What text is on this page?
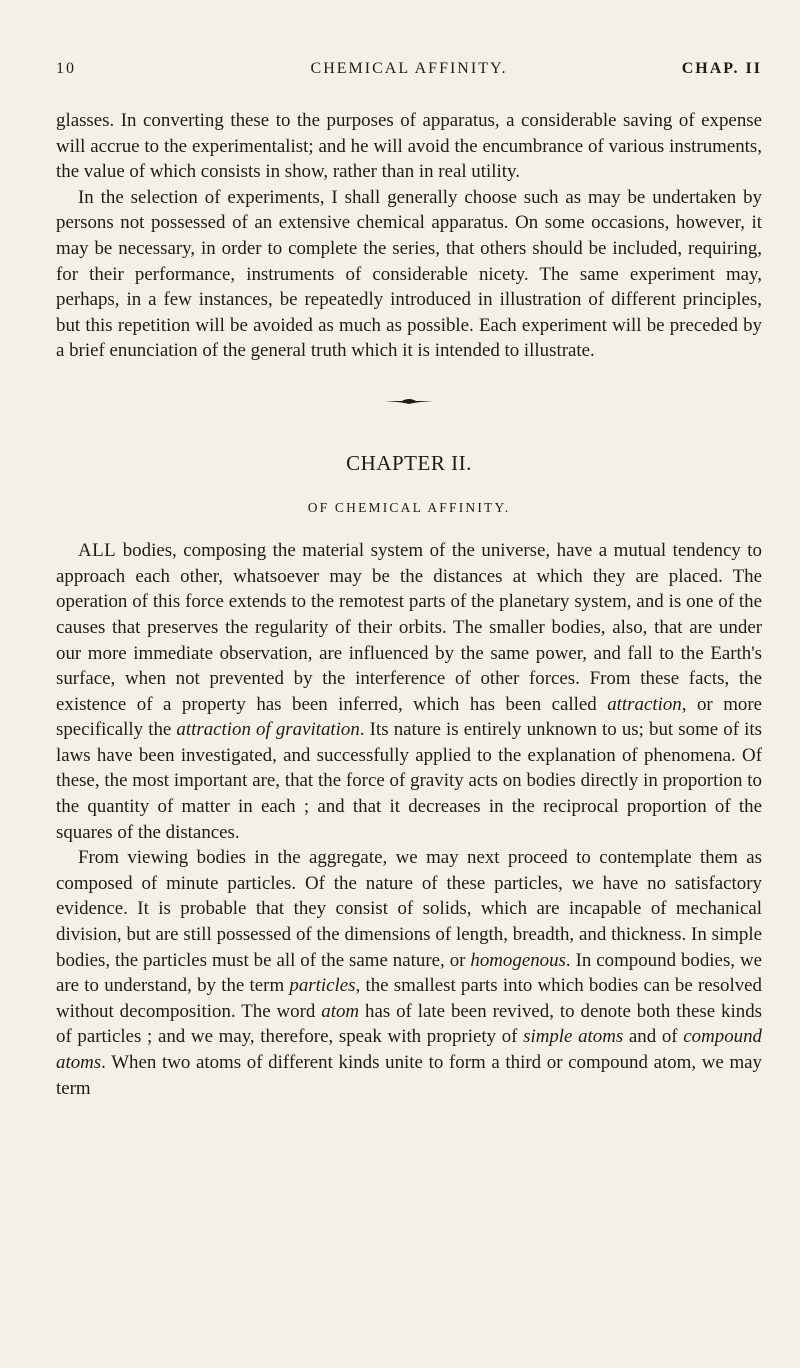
10	CHEMICAL AFFINITY.	CHAP. II

glasses. In converting these to the purposes of apparatus, a considerable saving of expense will accrue to the experimentalist; and he will avoid the encumbrance of various instruments, the value of which consists in show, rather than in real utility.

In the selection of experiments, I shall generally choose such as may be undertaken by persons not possessed of an extensive chemical apparatus. On some occasions, however, it may be necessary, in order to complete the series, that others should be included, requiring, for their performance, instruments of considerable nicety. The same experiment may, perhaps, in a few instances, be repeatedly introduced in illustration of different principles, but this repetition will be avoided as much as possible. Each experiment will be preceded by a brief enunciation of the general truth which it is intended to illustrate.

CHAPTER II.
OF CHEMICAL AFFINITY.

ALL bodies, composing the material system of the universe, have a mutual tendency to approach each other, whatsoever may be the distances at which they are placed. The operation of this force extends to the remotest parts of the planetary system, and is one of the causes that preserves the regularity of their orbits. The smaller bodies, also, that are under our more immediate observation, are influenced by the same power, and fall to the Earth's surface, when not prevented by the interference of other forces. From these facts, the existence of a property has been inferred, which has been called attraction, or more specifically the attraction of gravitation. Its nature is entirely unknown to us; but some of its laws have been investigated, and successfully applied to the explanation of phenomena. Of these, the most important are, that the force of gravity acts on bodies directly in proportion to the quantity of matter in each ; and that it decreases in the reciprocal proportion of the squares of the distances.

From viewing bodies in the aggregate, we may next proceed to contemplate them as composed of minute particles. Of the nature of these particles, we have no satisfactory evidence. It is probable that they consist of solids, which are incapable of mechanical division, but are still possessed of the dimensions of length, breadth, and thickness. In simple bodies, the particles must be all of the same nature, or homogenous. In compound bodies, we are to understand, by the term particles, the smallest parts into which bodies can be resolved without decomposition. The word atom has of late been revived, to denote both these kinds of particles ; and we may, therefore, speak with propriety of simple atoms and of compound atoms. When two atoms of different kinds unite to form a third or compound atom, we may term
